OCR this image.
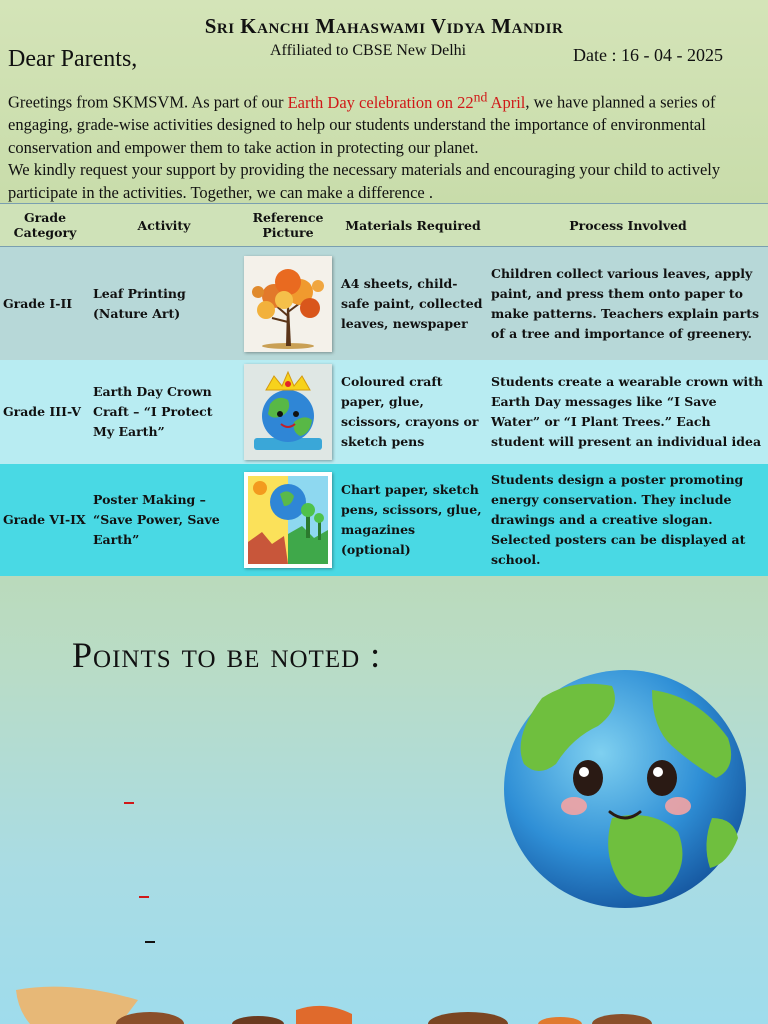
Sri Kanchi Mahaswami Vidya Mandir
Affiliated to CBSE New Delhi
Dear Parents,	Date : 16 - 04 - 2025
Greetings from SKMSVM. As part of our Earth Day celebration on 22nd April, we have planned a series of engaging, grade-wise activities designed to help our students understand the importance of environmental conservation and empower them to take action in protecting our planet.
We kindly request your support by providing the necessary materials and encouraging your child to actively participate in the activities. Together, we can make a difference .
Grade Category	Activity	Reference Picture	Materials Required	Process Involved
Grade I-II	Leaf Printing (Nature Art)		A4 sheets, child-safe paint, collected leaves, newspaper	Children collect various leaves, apply paint, and press them onto paper to make patterns. Teachers explain parts of a tree and importance of greenery.
Grade III-V	Earth Day Crown Craft – “I Protect My Earth”		Coloured craft paper, glue, scissors, crayons or sketch pens	Students create a wearable crown with Earth Day messages like “I Save Water” or “I Plant Trees.” Each student will present an individual idea
Grade VI-IX	Poster Making – “Save Power, Save Earth”		Chart paper, sketch pens, scissors, glue, magazines (optional)	Students design a poster promoting energy conservation. They include drawings and a creative slogan. Selected posters can be displayed at school.
Points to be noted :
